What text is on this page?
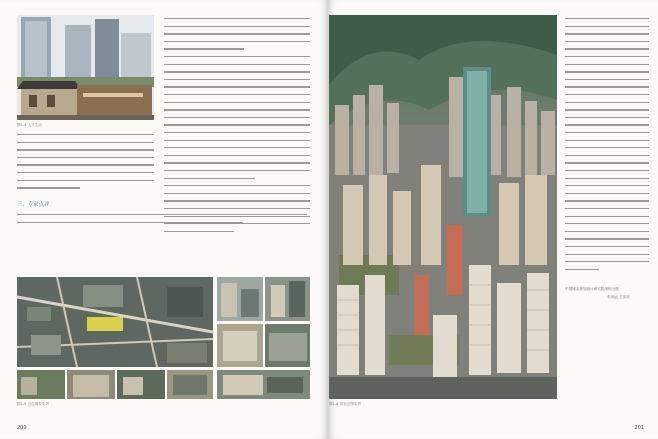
图1-4 人文生活
三、专家点评
图1-5 区位图及实景
200
图1-6 项目总图实景
中国城市规划设计研究院深圳分院
朱荣远 王泽坚
201
